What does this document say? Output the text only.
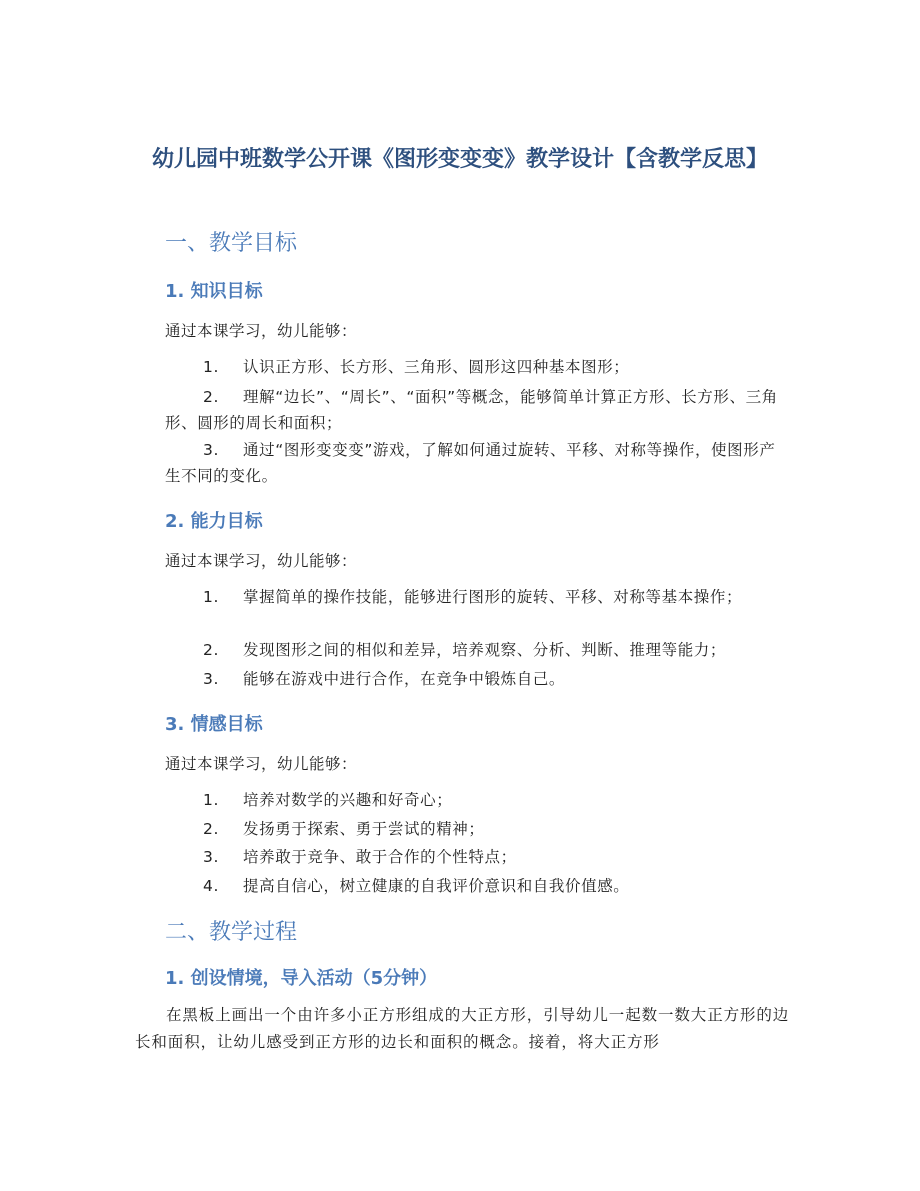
幼儿园中班数学公开课《图形变变变》教学设计【含教学反思】
一、教学目标
1. 知识目标
通过本课学习，幼儿能够：
1. 认识正方形、长方形、三角形、圆形这四种基本图形；
2. 理解“边长”、“周长”、“面积”等概念，能够简单计算正方形、长方形、三角形、圆形的周长和面积；
3. 通过“图形变变变”游戏，了解如何通过旋转、平移、对称等操作，使图形产生不同的变化。
2. 能力目标
通过本课学习，幼儿能够：
1. 掌握简单的操作技能，能够进行图形的旋转、平移、对称等基本操作；
2. 发现图形之间的相似和差异，培养观察、分析、判断、推理等能力；
3. 能够在游戏中进行合作，在竞争中锻炼自己。
3. 情感目标
通过本课学习，幼儿能够：
1. 培养对数学的兴趣和好奇心；
2. 发扬勇于探索、勇于尝试的精神；
3. 培养敢于竞争、敢于合作的个性特点；
4. 提高自信心，树立健康的自我评价意识和自我价值感。
二、教学过程
1. 创设情境，导入活动（5分钟）
在黑板上画出一个由许多小正方形组成的大正方形，引导幼儿一起数一数大正方形的边长和面积，让幼儿感受到正方形的边长和面积的概念。接着，将大正方形
